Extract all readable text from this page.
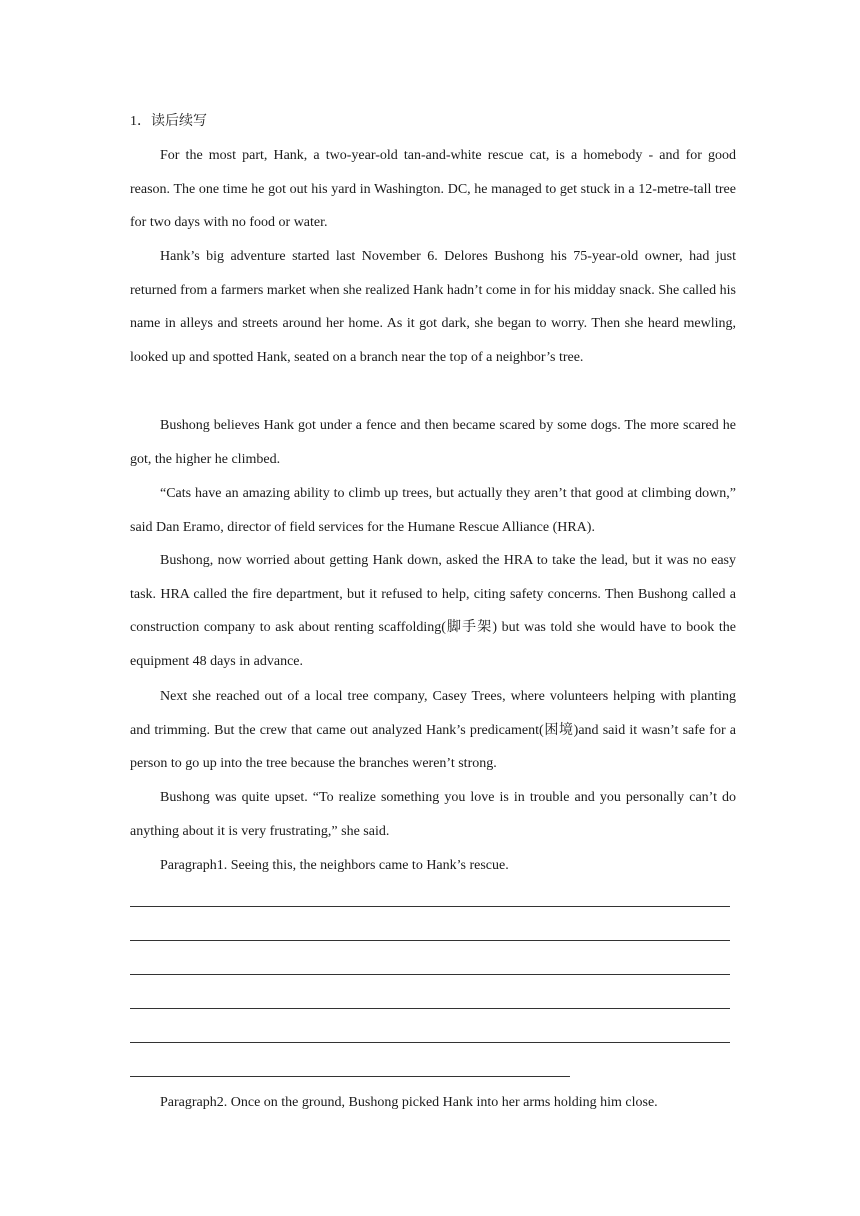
1．读后续写

For the most part, Hank, a two-year-old tan-and-white rescue cat, is a homebody - and for good reason. The one time he got out his yard in Washington. DC, he managed to get stuck in a 12-metre-tall tree for two days with no food or water.

Hank’s big adventure started last November 6. Delores Bushong his 75-year-old owner, had just returned from a farmers market when she realized Hank hadn’t come in for his midday snack. She called his name in alleys and streets around her home. As it got dark, she began to worry. Then she heard mewling, looked up and spotted Hank, seated on a branch near the top of a neighbor’s tree.

Bushong believes Hank got under a fence and then became scared by some dogs. The more scared he got, the higher he climbed.

“Cats have an amazing ability to climb up trees, but actually they aren’t that good at climbing down,” said Dan Eramo, director of field services for the Humane Rescue Alliance (HRA).

Bushong, now worried about getting Hank down, asked the HRA to take the lead, but it was no easy task. HRA called the fire department, but it refused to help, citing safety concerns. Then Bushong called a construction company to ask about renting scaffolding(脚手架) but was told she would have to book the equipment 48 days in advance.

Next she reached out of a local tree company, Casey Trees, where volunteers helping with planting and trimming. But the crew that came out analyzed Hank’s predicament(困境)and said it wasn’t safe for a person to go up into the tree because the branches weren’t strong.

Bushong was quite upset. “To realize something you love is in trouble and you personally can’t do anything about it is very frustrating,” she said.

Paragraph1. Seeing this, the neighbors came to Hank’s rescue.

Paragraph2. Once on the ground, Bushong picked Hank into her arms holding him close.
